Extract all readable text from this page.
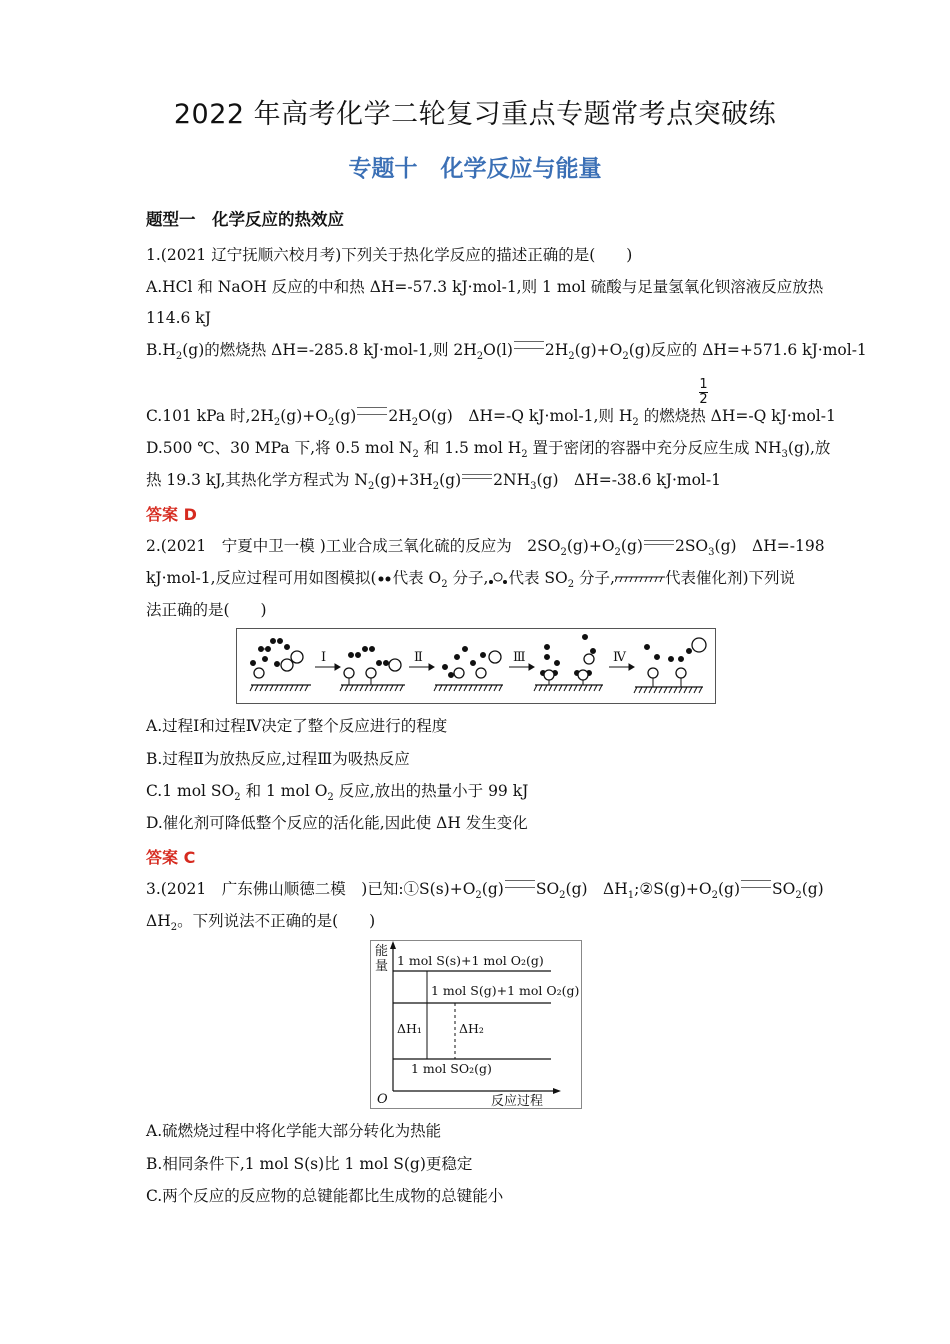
2022 年高考化学二轮复习重点专题常考点突破练
专题十　化学反应与能量
题型一　化学反应的热效应
1.(2021 辽宁抚顺六校月考)下列关于热化学反应的描述正确的是(　　)
A.HCl 和 NaOH 反应的中和热 ΔH=-57.3 kJ·mol-1,则 1 mol 硫酸与足量氢氧化钡溶液反应放热
114.6 kJ
$B.H_2(g)$的燃烧热 ΔH=-285.8 kJ·mol-1,则 $2H_2O(l)$ $2H_2(g)+O_2(g)$反应的 ΔH=+571.6 kJ·mol-1
1
2
C.101 kPa 时$,2H_2(g)+O_2(g)$ $2H_2O(g)$　ΔH=-Q kJ·mol-1,则 $H_2$ 的燃烧热 ΔH=-Q kJ·mol-1
D.500 ℃、30 MPa 下,将 0.5 mol $N_2$ 和 1.5 mol $H_2$ 置于密闭的容器中充分反应生成 $NH_3(g)$,放
热 19.3 kJ,其热化学方程式为 $N_2(g)+3H_2(g)$ $2NH_3(g)$　ΔH=-38.6 kJ·mol-1
答案 D
2.(2021　宁夏中卫一模 )工业合成三氧化硫的反应为　$2SO_2(g)+O_2(g)$ $2SO_3(g)$　ΔH=-198
kJ·mol-1,反应过程可用如图模拟( 代表 $O_2$ 分子, 代表 $SO_2$ 分子,	代表催化剂)下列说
法正确的是(　　)
Ⅰ	Ⅱ	Ⅲ	Ⅳ
A.过程Ⅰ和过程Ⅳ决定了整个反应进行的程度
B.过程Ⅱ为放热反应,过程Ⅲ为吸热反应
C.1 mol $SO_2$ 和 1 mol $O_2$ 反应,放出的热量小于 99 kJ
D.催化剂可降低整个反应的活化能,因此使 ΔH 发生变化
答案 C
3.(2021　广东佛山顺德二模　)已知$:①S(s)+O_2(g)$ $SO_2(g)$　$\Delta H_1;②S(g)+O_2(g)$ $SO_2(g)$
$\Delta H_2$。下列说法不正确的是(　　)
能
量 1 mol S(s)+1 mol O₂(g)
1 mol S(g)+1 mol O₂(g)
1 mol SO₂(g)
ΔH₁	ΔH₂
O	反应过程
A.硫燃烧过程中将化学能大部分转化为热能
B.相同条件下,1 mol S(s)比 1 mol S(g)更稳定
C.两个反应的反应物的总键能都比生成物的总键能小
